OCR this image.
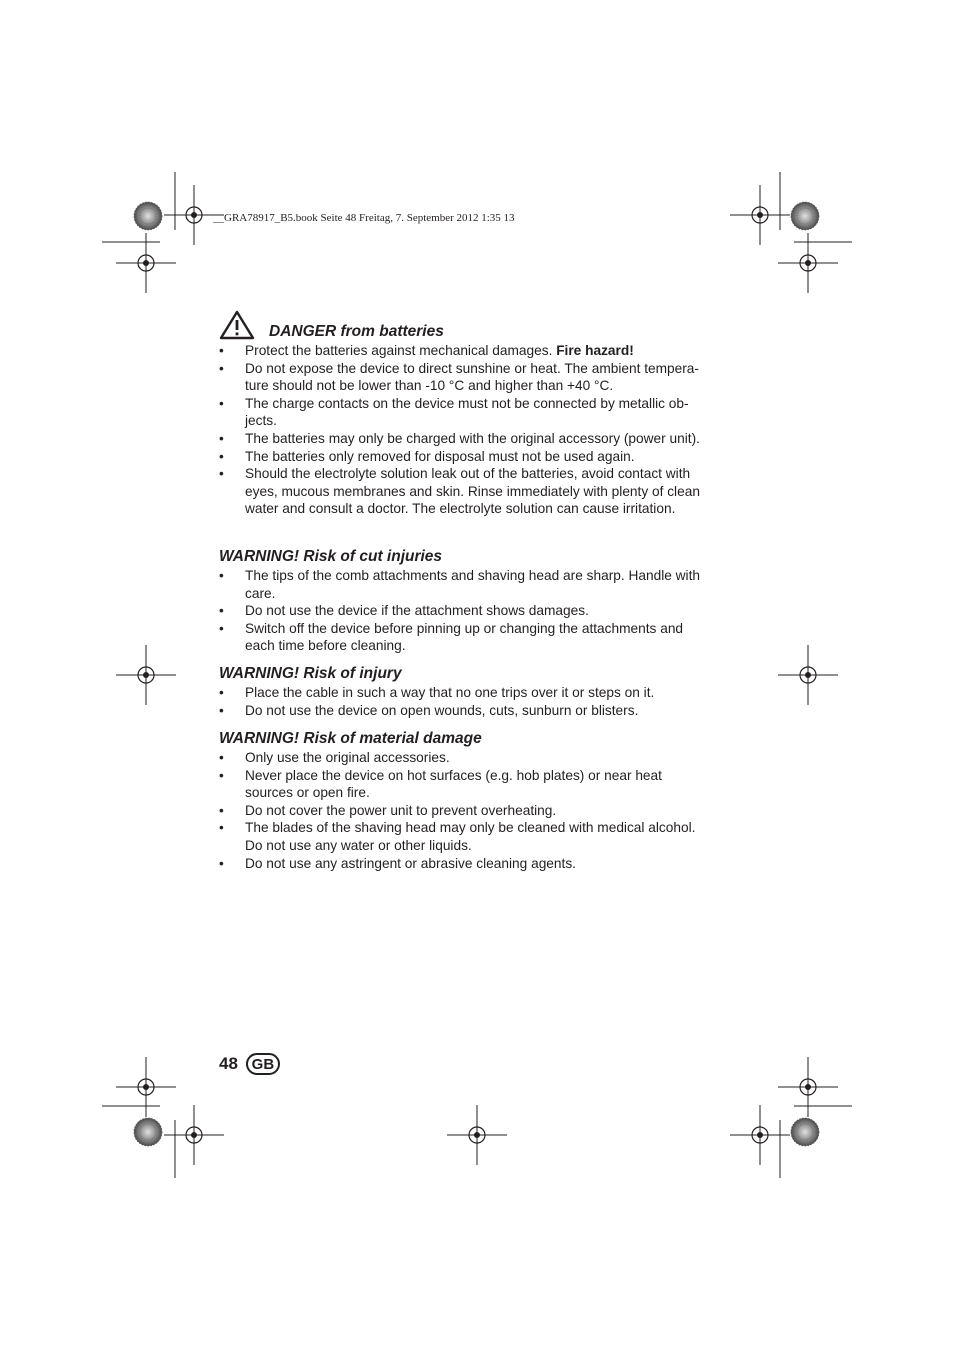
__GRA78917_B5.book Seite 48 Freitag, 7. September 2012 1:35 13
DANGER from batteries
• Protect the batteries against mechanical damages. Fire hazard!
• Do not expose the device to direct sunshine or heat. The ambient tempera- ture should not be lower than -10 °C and higher than +40 °C.
• The charge contacts on the device must not be connected by metallic ob- jects.
• The batteries may only be charged with the original accessory (power unit).
• The batteries only removed for disposal must not be used again.
• Should the electrolyte solution leak out of the batteries, avoid contact with eyes, mucous membranes and skin. Rinse immediately with plenty of clean water and consult a doctor. The electrolyte solution can cause irritation.
WARNING! Risk of cut injuries
• The tips of the comb attachments and shaving head are sharp. Handle with care.
• Do not use the device if the attachment shows damages.
• Switch off the device before pinning up or changing the attachments and each time before cleaning.
WARNING! Risk of injury
• Place the cable in such a way that no one trips over it or steps on it.
• Do not use the device on open wounds, cuts, sunburn or blisters.
WARNING! Risk of material damage
• Only use the original accessories.
• Never place the device on hot surfaces (e.g. hob plates) or near heat sources or open fire.
• Do not cover the power unit to prevent overheating.
• The blades of the shaving head may only be cleaned with medical alcohol. Do not use any water or other liquids.
• Do not use any astringent or abrasive cleaning agents.
48 GB
